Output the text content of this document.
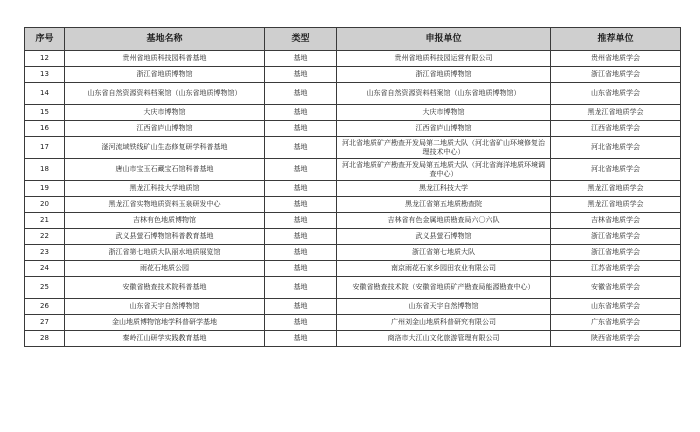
序号	基地名称	类型	申报单位	推荐单位
12	贵州省地质科技园科普基地	基地	贵州省地质科技园运营有限公司	贵州省地质学会
13	浙江省地质博物馆	基地	浙江省地质博物馆	浙江省地质学会
14	山东省自然资源资料档案馆（山东省地质博物馆）	基地	山东省自然资源资料档案馆（山东省地质博物馆）	山东省地质学会
15	大庆市博物馆	基地	大庆市博物馆	黑龙江省地质学会
16	江西省庐山博物馆	基地	江西省庐山博物馆	江西省地质学会
17	滏河流域铁线矿山生态修复研学科普基地	基地	河北省地质矿产勘查开发局第二地质大队（河北省矿山环境修复治理技术中心）	河北省地质学会
18	唐山市宝玉石藏宝石馆科普基地	基地	河北省地质矿产勘查开发局第五地质大队（河北省海洋地质环境调查中心）	河北省地质学会
19	黑龙江科技大学地质馆	基地	黑龙江科技大学	黑龙江省地质学会
20	黑龙江省实物地质资料玉泉研发中心	基地	黑龙江省第五地质勘查院	黑龙江省地质学会
21	吉林有色地质博物馆	基地	吉林省有色金属地质勘查局六〇六队	吉林省地质学会
22	武义县萤石博物馆科普教育基地	基地	武义县萤石博物馆	浙江省地质学会
23	浙江省第七地质大队丽水地质展览馆	基地	浙江省第七地质大队	浙江省地质学会
24	雨花石地质公园	基地	南京雨花石家乡园田农业有限公司	江苏省地质学会
25	安徽省勘查技术院科普基地	基地	安徽省勘查技术院（安徽省地质矿产勘查局能源勘查中心）	安徽省地质学会
26	山东省天宇自然博物馆	基地	山东省天宇自然博物馆	山东省地质学会
27	金山地质博物馆地学科普研学基地	基地	广州刘金山地质科普研究有限公司	广东省地质学会
28	秦岭江山研学实践教育基地	基地	商洛市大江山文化旅游管理有限公司	陕西省地质学会
